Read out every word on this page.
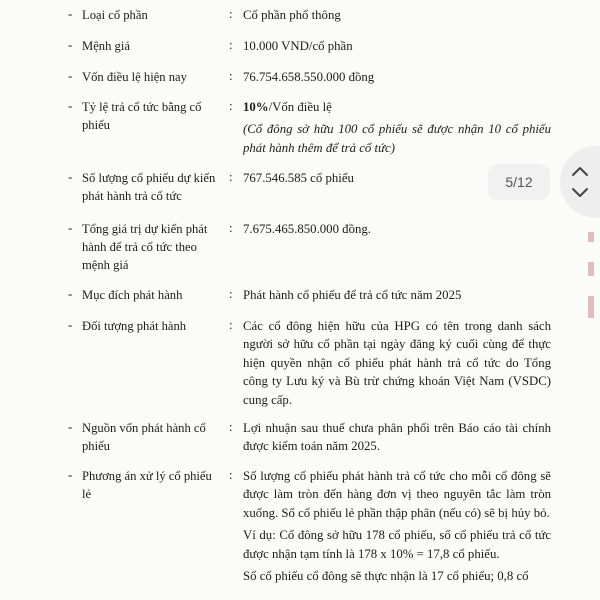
- Loại cổ phần	: Cổ phần phổ thông
- Mệnh giá	: 10.000 VND/cổ phần
- Vốn điều lệ hiện nay	: 76.754.658.550.000 đồng
- Tỷ lệ trả cổ tức bằng cổ phiếu
: 10%/Vốn điều lệ

(Cổ đông sở hữu 100 cổ phiếu sẽ được nhận 10 cổ phiếu phát hành thêm để trả cổ tức)

- Số lượng cổ phiếu dự kiến phát hành trả cổ tức
: 767.546.585 cổ phiếu
- Tổng giá trị dự kiến phát hành để trả cổ tức theo mệnh giá
: 7.675.465.850.000 đồng.
- Mục đích phát hành	: Phát hành cổ phiếu để trả cổ tức năm 2025
- Đối tượng phát hành	: Các cổ đông hiện hữu của HPG có tên trong danh sách người sở hữu cổ phần tại ngày đăng ký cuối cùng để thực hiện quyền nhận cổ phiếu phát hành trả cổ tức do Tổng công ty Lưu ký và Bù trừ chứng khoán Việt Nam (VSDC) cung cấp.
- Nguồn vốn phát hành cổ phiếu
: Lợi nhuận sau thuế chưa phân phối trên Báo cáo tài chính được kiểm toán năm 2025.
- Phương án xử lý cổ phiếu lẻ
: Số lượng cổ phiếu phát hành trả cổ tức cho mỗi cổ đông sẽ được làm tròn đến hàng đơn vị theo nguyên tắc làm tròn xuống. Số cổ phiếu lẻ phần thập phân (nếu có) sẽ bị hủy bỏ.

Ví dụ: Cổ đông sở hữu 178 cổ phiếu, số cổ phiếu trả cổ tức được nhận tạm tính là 178 x 10% = 17,8 cổ phiếu.

Số cổ phiếu cổ đông sẽ thực nhận là 17 cổ phiếu; 0,8 cổ

5/12
